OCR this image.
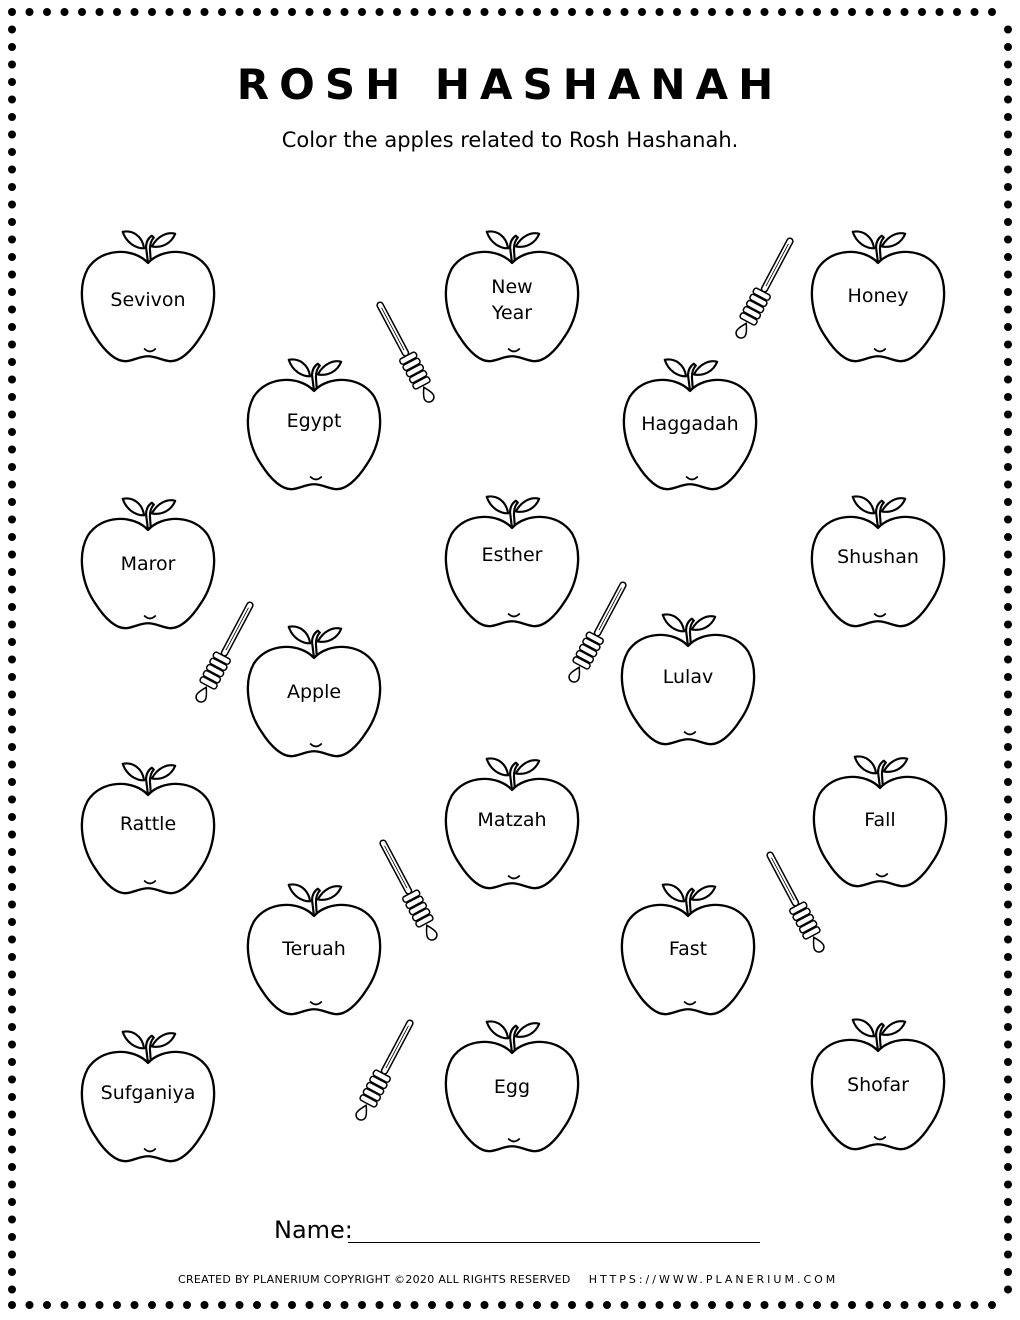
ROSH HASHANAH
Color the apples related to Rosh Hashanah.
Sevivon
New
Year
Honey
Egypt	Haggadah
Maror	Esther	Shushan
Apple
Lulav
Rattle	Matzah	Fall
Teruah	Fast
Sufganiya	Egg	Shofar
Name:
CREATED BY PLANERIUM COPYRIGHT ©2020 ALL RIGHTS RESERVED HTTPS://WWW.PLANERIUM.COM
